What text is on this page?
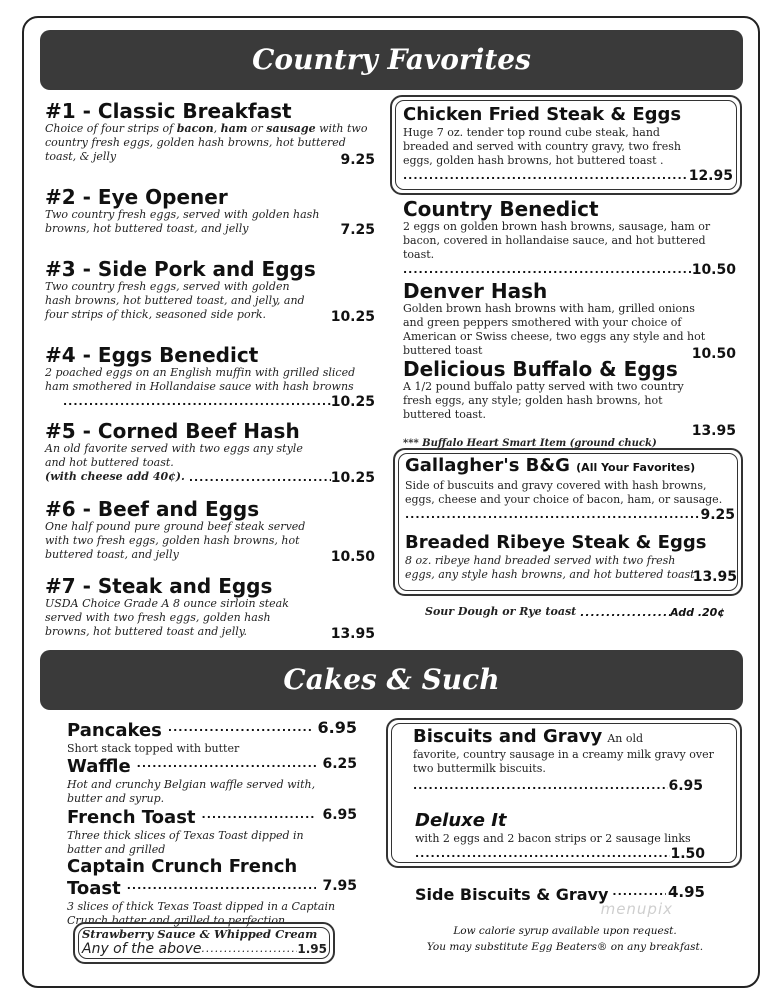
Country Favorites
#1 - Classic Breakfast
Choice of four strips of bacon, ham or sausage with two country fresh eggs, golden hash browns, hot buttered toast, & jelly	9.25
#2 - Eye Opener
Two country fresh eggs, served with golden hash browns, hot buttered toast, and jelly	7.25
#3 - Side Pork and Eggs
Two country fresh eggs, served with golden hash browns, hot buttered toast, and jelly, and four strips of thick, seasoned side pork.	10.25
#4 - Eggs Benedict
2 poached eggs on an English muffin with grilled sliced ham smothered in Hollandaise sauce with hash browns
.....
10.25
#5 - Corned Beef Hash
An old favorite served with two eggs any style and hot buttered toast.
(with cheese add 40¢). .....	10.25
#6 - Beef and Eggs
One half pound pure ground beef steak served with two fresh eggs, golden hash browns, hot buttered toast, and jelly	10.50
#7 - Steak and Eggs
USDA Choice Grade A 8 ounce sirloin steak served with two fresh eggs, golden hash browns, hot buttered toast and jelly.	13.95
Chicken Fried Steak & Eggs
Huge 7 oz. tender top round cube steak, hand breaded and served with country gravy, two fresh eggs, golden hash browns, hot buttered toast .
.....
12.95
Country Benedict
2 eggs on golden brown hash browns, sausage, ham or bacon, covered in hollandaise sauce, and hot buttered toast.
.....
10.50
Denver Hash
Golden brown hash browns with ham, grilled onions and green peppers smothered with your choice of American or Swiss cheese, two eggs any style and hot buttered toast	10.50
Delicious Buffalo & Eggs
A 1/2 pound buffalo patty served with two country fresh eggs, any style; golden hash browns, hot buttered toast.
13.95
*** Buffalo Heart Smart Item (ground chuck)
Gallagher's B&G (All Your Favorites)
Side of buscuits and gravy covered with hash browns, eggs, cheese and your choice of bacon, ham, or sausage.
.....
9.25
Breaded Ribeye Steak & Eggs
8 oz. ribeye hand breaded served with two fresh eggs, any style hash browns, and hot buttered toast
13.95
Sour Dough or Rye toast .....	Add .20¢
Cakes & Such
Pancakes .....	6.95
Short stack topped with butter
Waffle .....	6.25
Hot and crunchy Belgian waffle served with, butter and syrup.
French Toast .....	6.95
Three thick slices of Texas Toast dipped in batter and grilled
Captain Crunch French
Toast .....	7.95
3 slices of thick Texas Toast dipped in a Captain Crunch batter and grilled to perfection
Strawberry Sauce & Whipped Cream
Any of the above .....	1.95
Biscuits and Gravy An old
favorite, country sausage in a creamy milk gravy over two buttermilk biscuits.
.....
6.95
Deluxe It
with 2 eggs and 2 bacon strips or 2 sausage links
.....
1.50
Side Biscuits & Gravy .....	4.95
Low calorie syrup available upon request.
You may substitute Egg Beaters® on any breakfast.
menupix
